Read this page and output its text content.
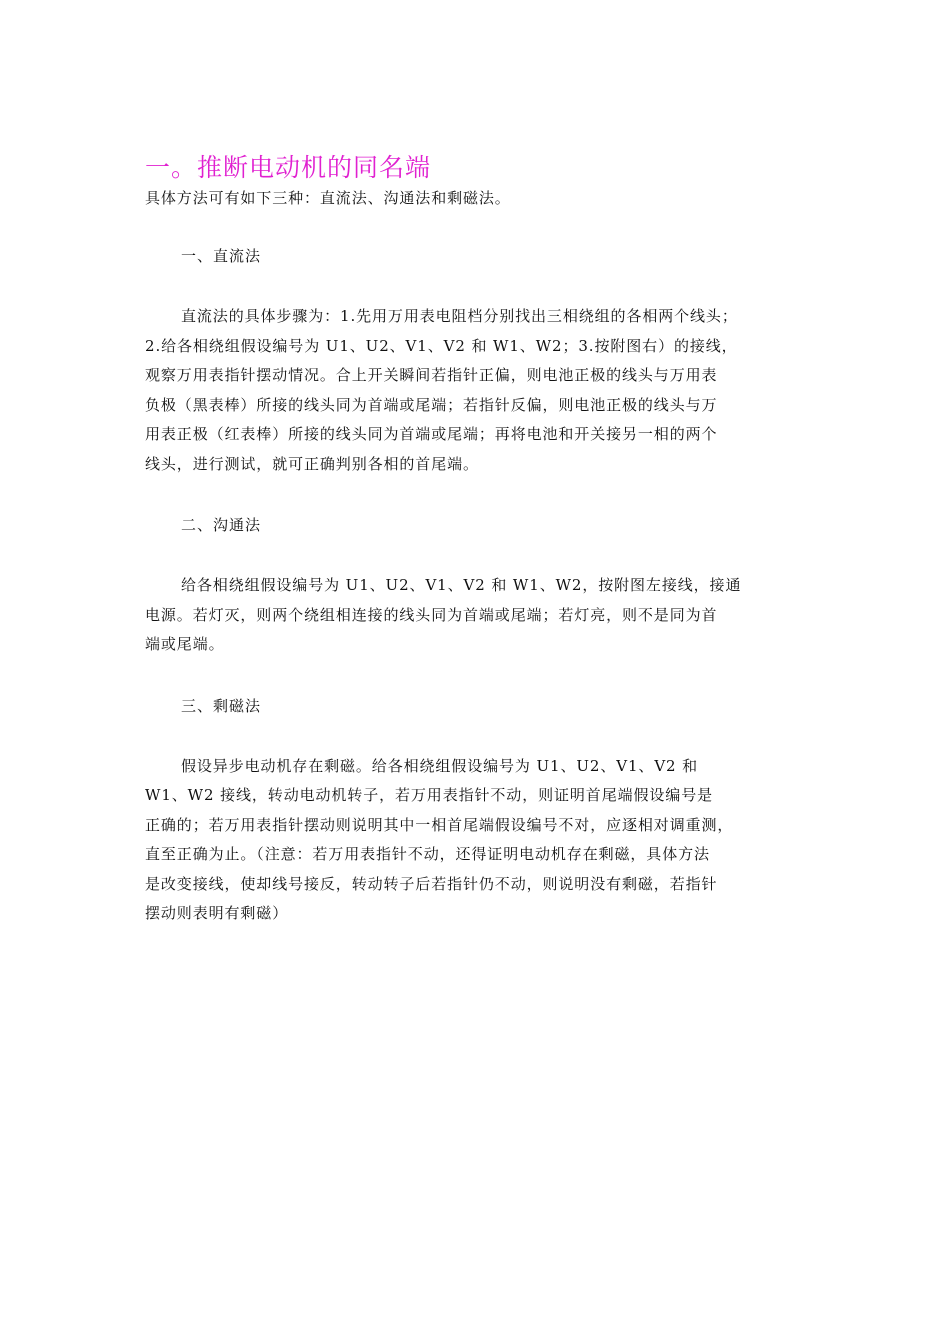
一。推断电动机的同名端

具体方法可有如下三种：直流法、沟通法和剩磁法。

一、直流法

直流法的具体步骤为：1.先用万用表电阻档分别找出三相绕组的各相两个线头；
2.给各相绕组假设编号为 U1、U2、V1、V2 和 W1、W2；3.按附图右）的接线，
观察万用表指针摆动情况。合上开关瞬间若指针正偏，则电池正极的线头与万用表
负极（黑表棒）所接的线头同为首端或尾端；若指针反偏，则电池正极的线头与万
用表正极（红表棒）所接的线头同为首端或尾端；再将电池和开关接另一相的两个
线头，进行测试，就可正确判别各相的首尾端。

二、沟通法

给各相绕组假设编号为 U1、U2、V1、V2 和 W1、W2，按附图左接线，接通
电源。若灯灭，则两个绕组相连接的线头同为首端或尾端；若灯亮，则不是同为首
端或尾端。

三、剩磁法

假设异步电动机存在剩磁。给各相绕组假设编号为 U1、U2、V1、V2 和
W1、W2 接线，转动电动机转子，若万用表指针不动，则证明首尾端假设编号是
正确的；若万用表指针摆动则说明其中一相首尾端假设编号不对，应逐相对调重测，
直至正确为止。（注意：若万用表指针不动，还得证明电动机存在剩磁，具体方法
是改变接线，使却线号接反，转动转子后若指针仍不动，则说明没有剩磁，若指针
摆动则表明有剩磁）
